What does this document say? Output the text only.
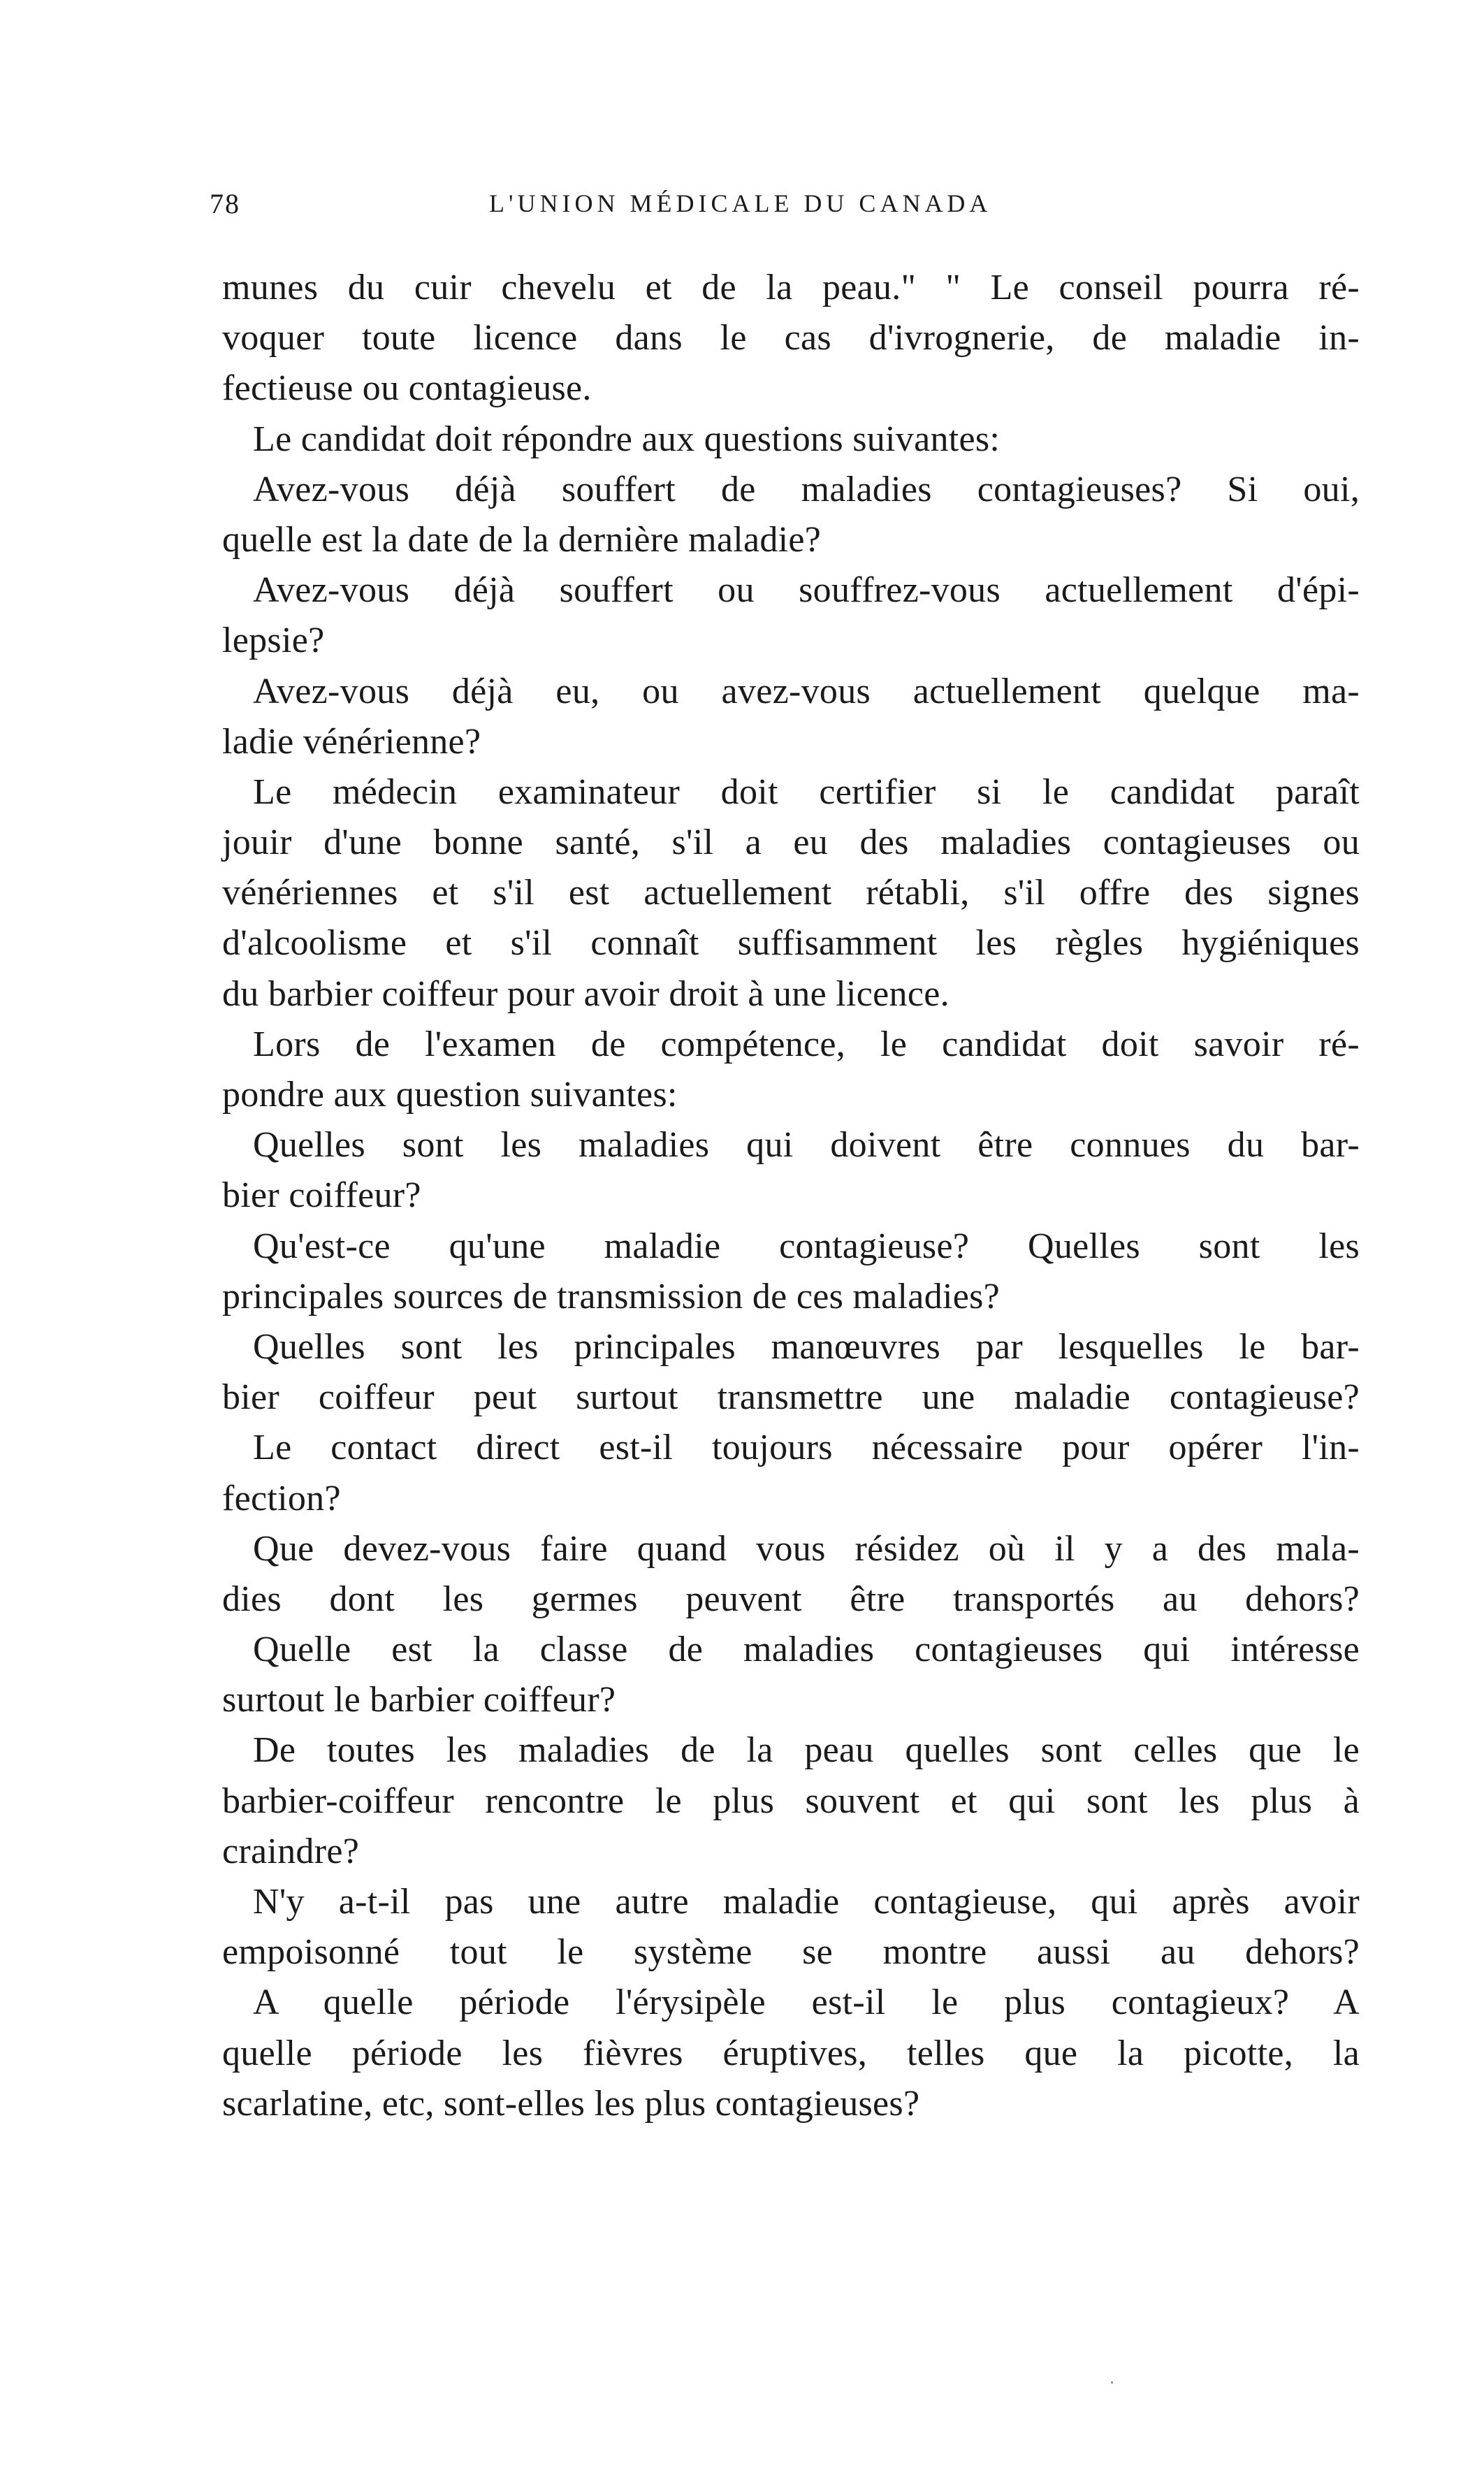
78	L'UNION MÉDICALE DU CANADA
munes du cuir chevelu et de la peau." " Le conseil pourra ré-
voquer toute licence dans le cas d'ivrognerie, de maladie in-
fectieuse ou contagieuse.
Le candidat doit répondre aux questions suivantes:
Avez-vous déjà souffert de maladies contagieuses? Si oui,
quelle est la date de la dernière maladie?
Avez-vous déjà souffert ou souffrez-vous actuellement d'épi-
lepsie?
Avez-vous déjà eu, ou avez-vous actuellement quelque ma-
ladie vénérienne?
Le médecin examinateur doit certifier si le candidat paraît
jouir d'une bonne santé, s'il a eu des maladies contagieuses ou
vénériennes et s'il est actuellement rétabli, s'il offre des signes
d'alcoolisme et s'il connaît suffisamment les règles hygiéniques
du barbier coiffeur pour avoir droit à une licence.
Lors de l'examen de compétence, le candidat doit savoir ré-
pondre aux question suivantes:
Quelles sont les maladies qui doivent être connues du bar-
bier coiffeur?
Qu'est-ce qu'une maladie contagieuse? Quelles sont les
principales sources de transmission de ces maladies?
Quelles sont les principales manœuvres par lesquelles le bar-
bier coiffeur peut surtout transmettre une maladie contagieuse?
Le contact direct est-il toujours nécessaire pour opérer l'in-
fection?
Que devez-vous faire quand vous résidez où il y a des mala-
dies dont les germes peuvent être transportés au dehors?
Quelle est la classe de maladies contagieuses qui intéresse
surtout le barbier coiffeur?
De toutes les maladies de la peau quelles sont celles que le
barbier-coiffeur rencontre le plus souvent et qui sont les plus à
craindre?
N'y a-t-il pas une autre maladie contagieuse, qui après avoir
empoisonné tout le système se montre aussi au dehors?
A quelle période l'érysipèle est-il le plus contagieux? A
quelle période les fièvres éruptives, telles que la picotte, la
scarlatine, etc, sont-elles les plus contagieuses?
